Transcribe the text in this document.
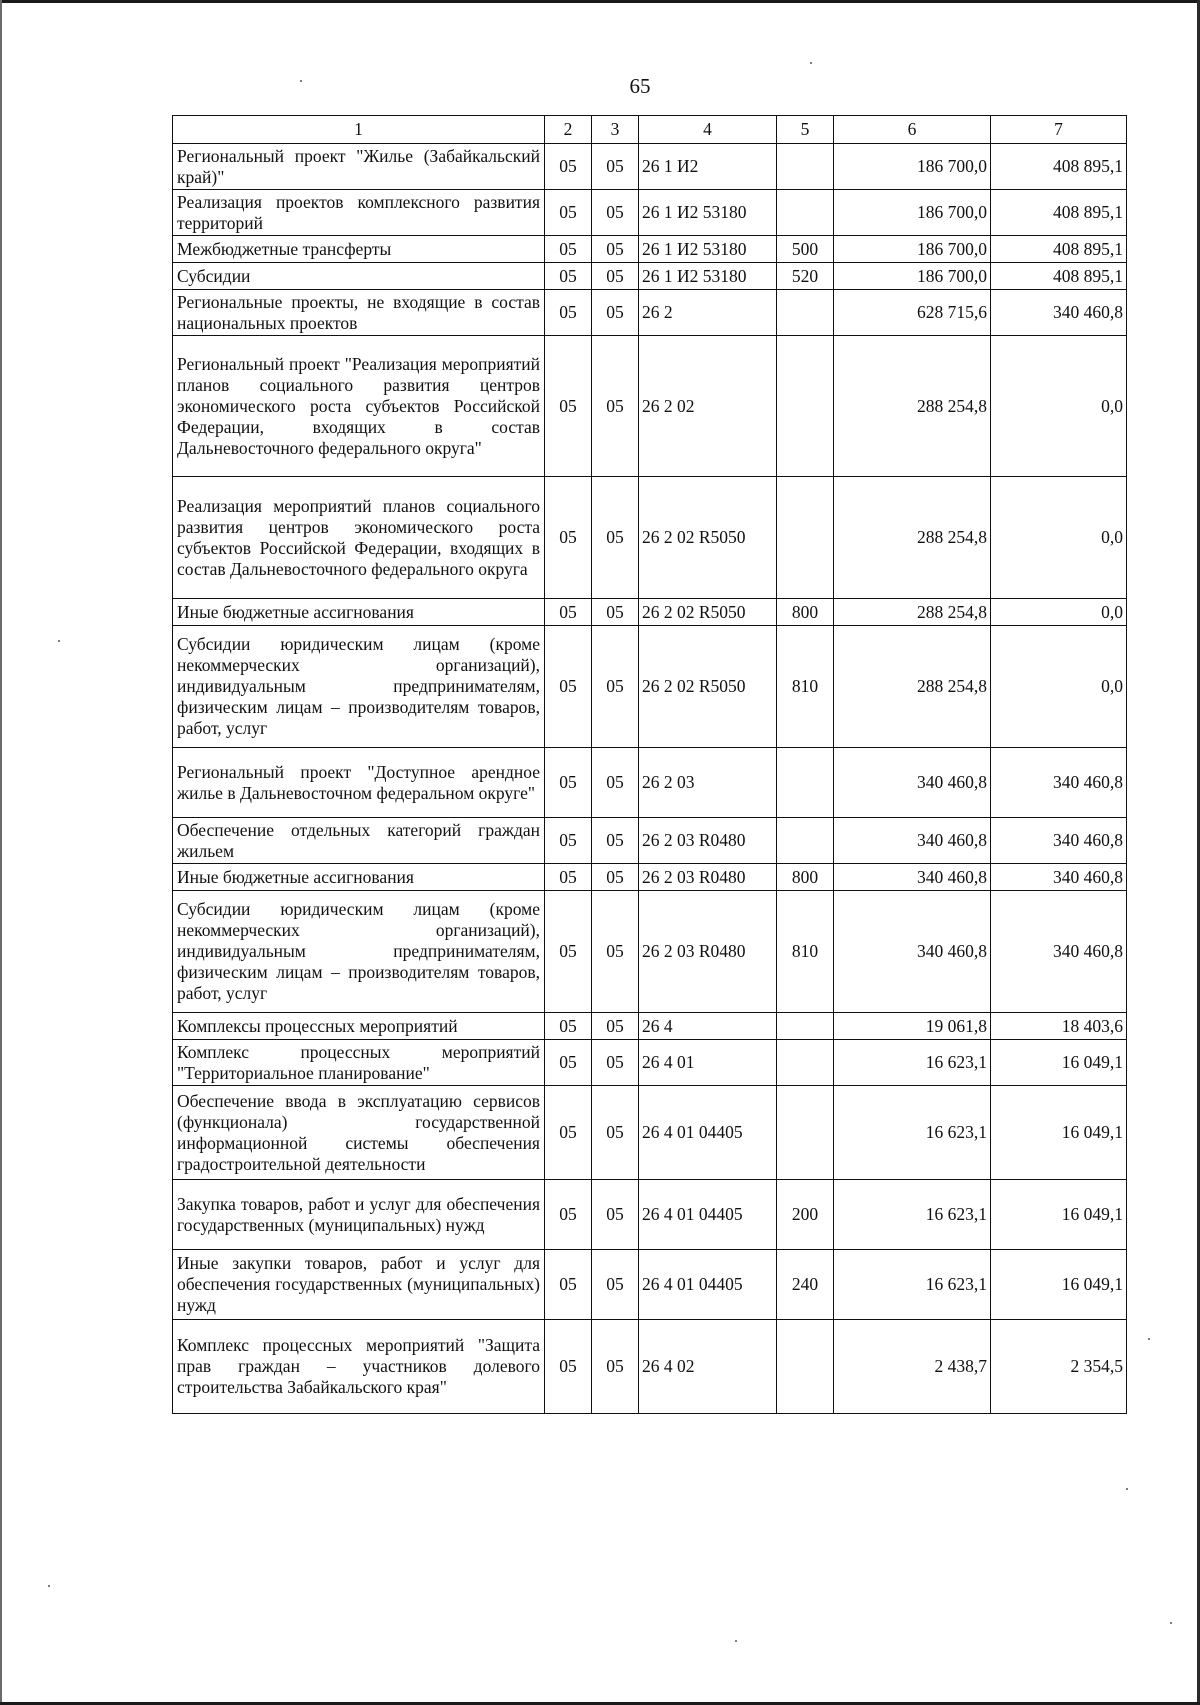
65
1	2	3	4	5	6	7
Региональный проект "Жилье (Забайкальский край)"	05	05	26 1 И2		186 700,0	408 895,1
Реализация проектов комплексного развития территорий	05	05	26 1 И2 53180		186 700,0	408 895,1
Межбюджетные трансферты	05	05	26 1 И2 53180	500	186 700,0	408 895,1
Субсидии	05	05	26 1 И2 53180	520	186 700,0	408 895,1
Региональные проекты, не входящие в состав национальных проектов	05	05	26 2		628 715,6	340 460,8
Региональный проект "Реализация мероприятий планов социального развития центров экономического роста субъектов Российской Федерации, входящих в состав Дальневосточного федерального округа"	05	05	26 2 02		288 254,8	0,0
Реализация мероприятий планов социального развития центров экономического роста субъектов Российской Федерации, входящих в состав Дальневосточного федерального округа	05	05	26 2 02 R5050		288 254,8	0,0
Иные бюджетные ассигнования	05	05	26 2 02 R5050	800	288 254,8	0,0
Субсидии юридическим лицам (кроме некоммерческих организаций), индивидуальным предпринимателям, физическим лицам – производителям товаров, работ, услуг	05	05	26 2 02 R5050	810	288 254,8	0,0
Региональный проект "Доступное арендное жилье в Дальневосточном федеральном округе"	05	05	26 2 03		340 460,8	340 460,8
Обеспечение отдельных категорий граждан жильем	05	05	26 2 03 R0480		340 460,8	340 460,8
Иные бюджетные ассигнования	05	05	26 2 03 R0480	800	340 460,8	340 460,8
Субсидии юридическим лицам (кроме некоммерческих организаций), индивидуальным предпринимателям, физическим лицам – производителям товаров, работ, услуг	05	05	26 2 03 R0480	810	340 460,8	340 460,8
Комплексы процессных мероприятий	05	05	26 4		19 061,8	18 403,6
Комплекс процессных мероприятий "Территориальное планирование"	05	05	26 4 01		16 623,1	16 049,1
Обеспечение ввода в эксплуатацию сервисов (функционала) государственной информационной системы обеспечения градостроительной деятельности	05	05	26 4 01 04405		16 623,1	16 049,1
Закупка товаров, работ и услуг для обеспечения государственных (муниципальных) нужд	05	05	26 4 01 04405	200	16 623,1	16 049,1
Иные закупки товаров, работ и услуг для обеспечения государственных (муниципальных) нужд	05	05	26 4 01 04405	240	16 623,1	16 049,1
Комплекс процессных мероприятий "Защита прав граждан – участников долевого строительства Забайкальского края"	05	05	26 4 02		2 438,7	2 354,5
